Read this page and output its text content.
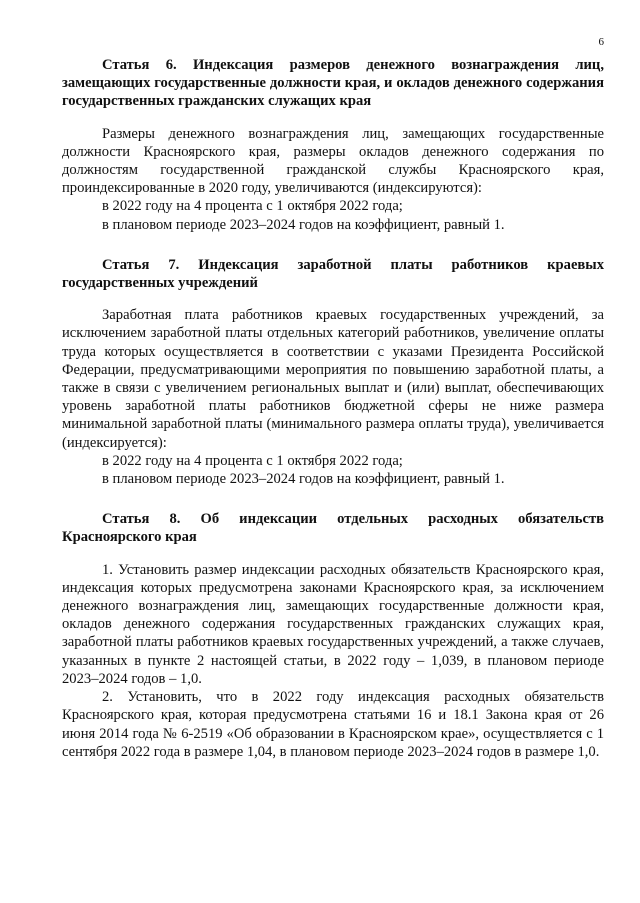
6

Статья 6. Индексация размеров денежного вознаграждения лиц, замещающих государственные должности края, и окладов денежного содержания государственных гражданских служащих края

Размеры денежного вознаграждения лиц, замещающих государственные должности Красноярского края, размеры окладов денежного содержания по должностям государственной гражданской службы Красноярского края, проиндексированные в 2020 году, увеличиваются (индексируются):

в 2022 году на 4 процента с 1 октября 2022 года;

в плановом периоде 2023–2024 годов на коэффициент, равный 1.

Статья 7. Индексация заработной платы работников краевых государственных учреждений

Заработная плата работников краевых государственных учреждений, за исключением заработной платы отдельных категорий работников, увеличение оплаты труда которых осуществляется в соответствии с указами Президента Российской Федерации, предусматривающими мероприятия по повышению заработной платы, а также в связи с увеличением региональных выплат и (или) выплат, обеспечивающих уровень заработной платы работников бюджетной сферы не ниже размера минимальной заработной платы (минимального размера оплаты труда), увеличивается (индексируется):

в 2022 году на 4 процента с 1 октября 2022 года;

в плановом периоде 2023–2024 годов на коэффициент, равный 1.

Статья 8. Об индексации отдельных расходных обязательств Красноярского края

1. Установить размер индексации расходных обязательств Красноярского края, индексация которых предусмотрена законами Красноярского края, за исключением денежного вознаграждения лиц, замещающих государственные должности края, окладов денежного содержания государственных гражданских служащих края, заработной платы работников краевых государственных учреждений, а также случаев, указанных в пункте 2 настоящей статьи, в 2022 году – 1,039, в плановом периоде 2023–2024 годов – 1,0.

2. Установить, что в 2022 году индексация расходных обязательств Красноярского края, которая предусмотрена статьями 16 и 18.1 Закона края от 26 июня 2014 года № 6-2519 «Об образовании в Красноярском крае», осуществляется с 1 сентября 2022 года в размере 1,04, в плановом периоде 2023–2024 годов в размере 1,0.
